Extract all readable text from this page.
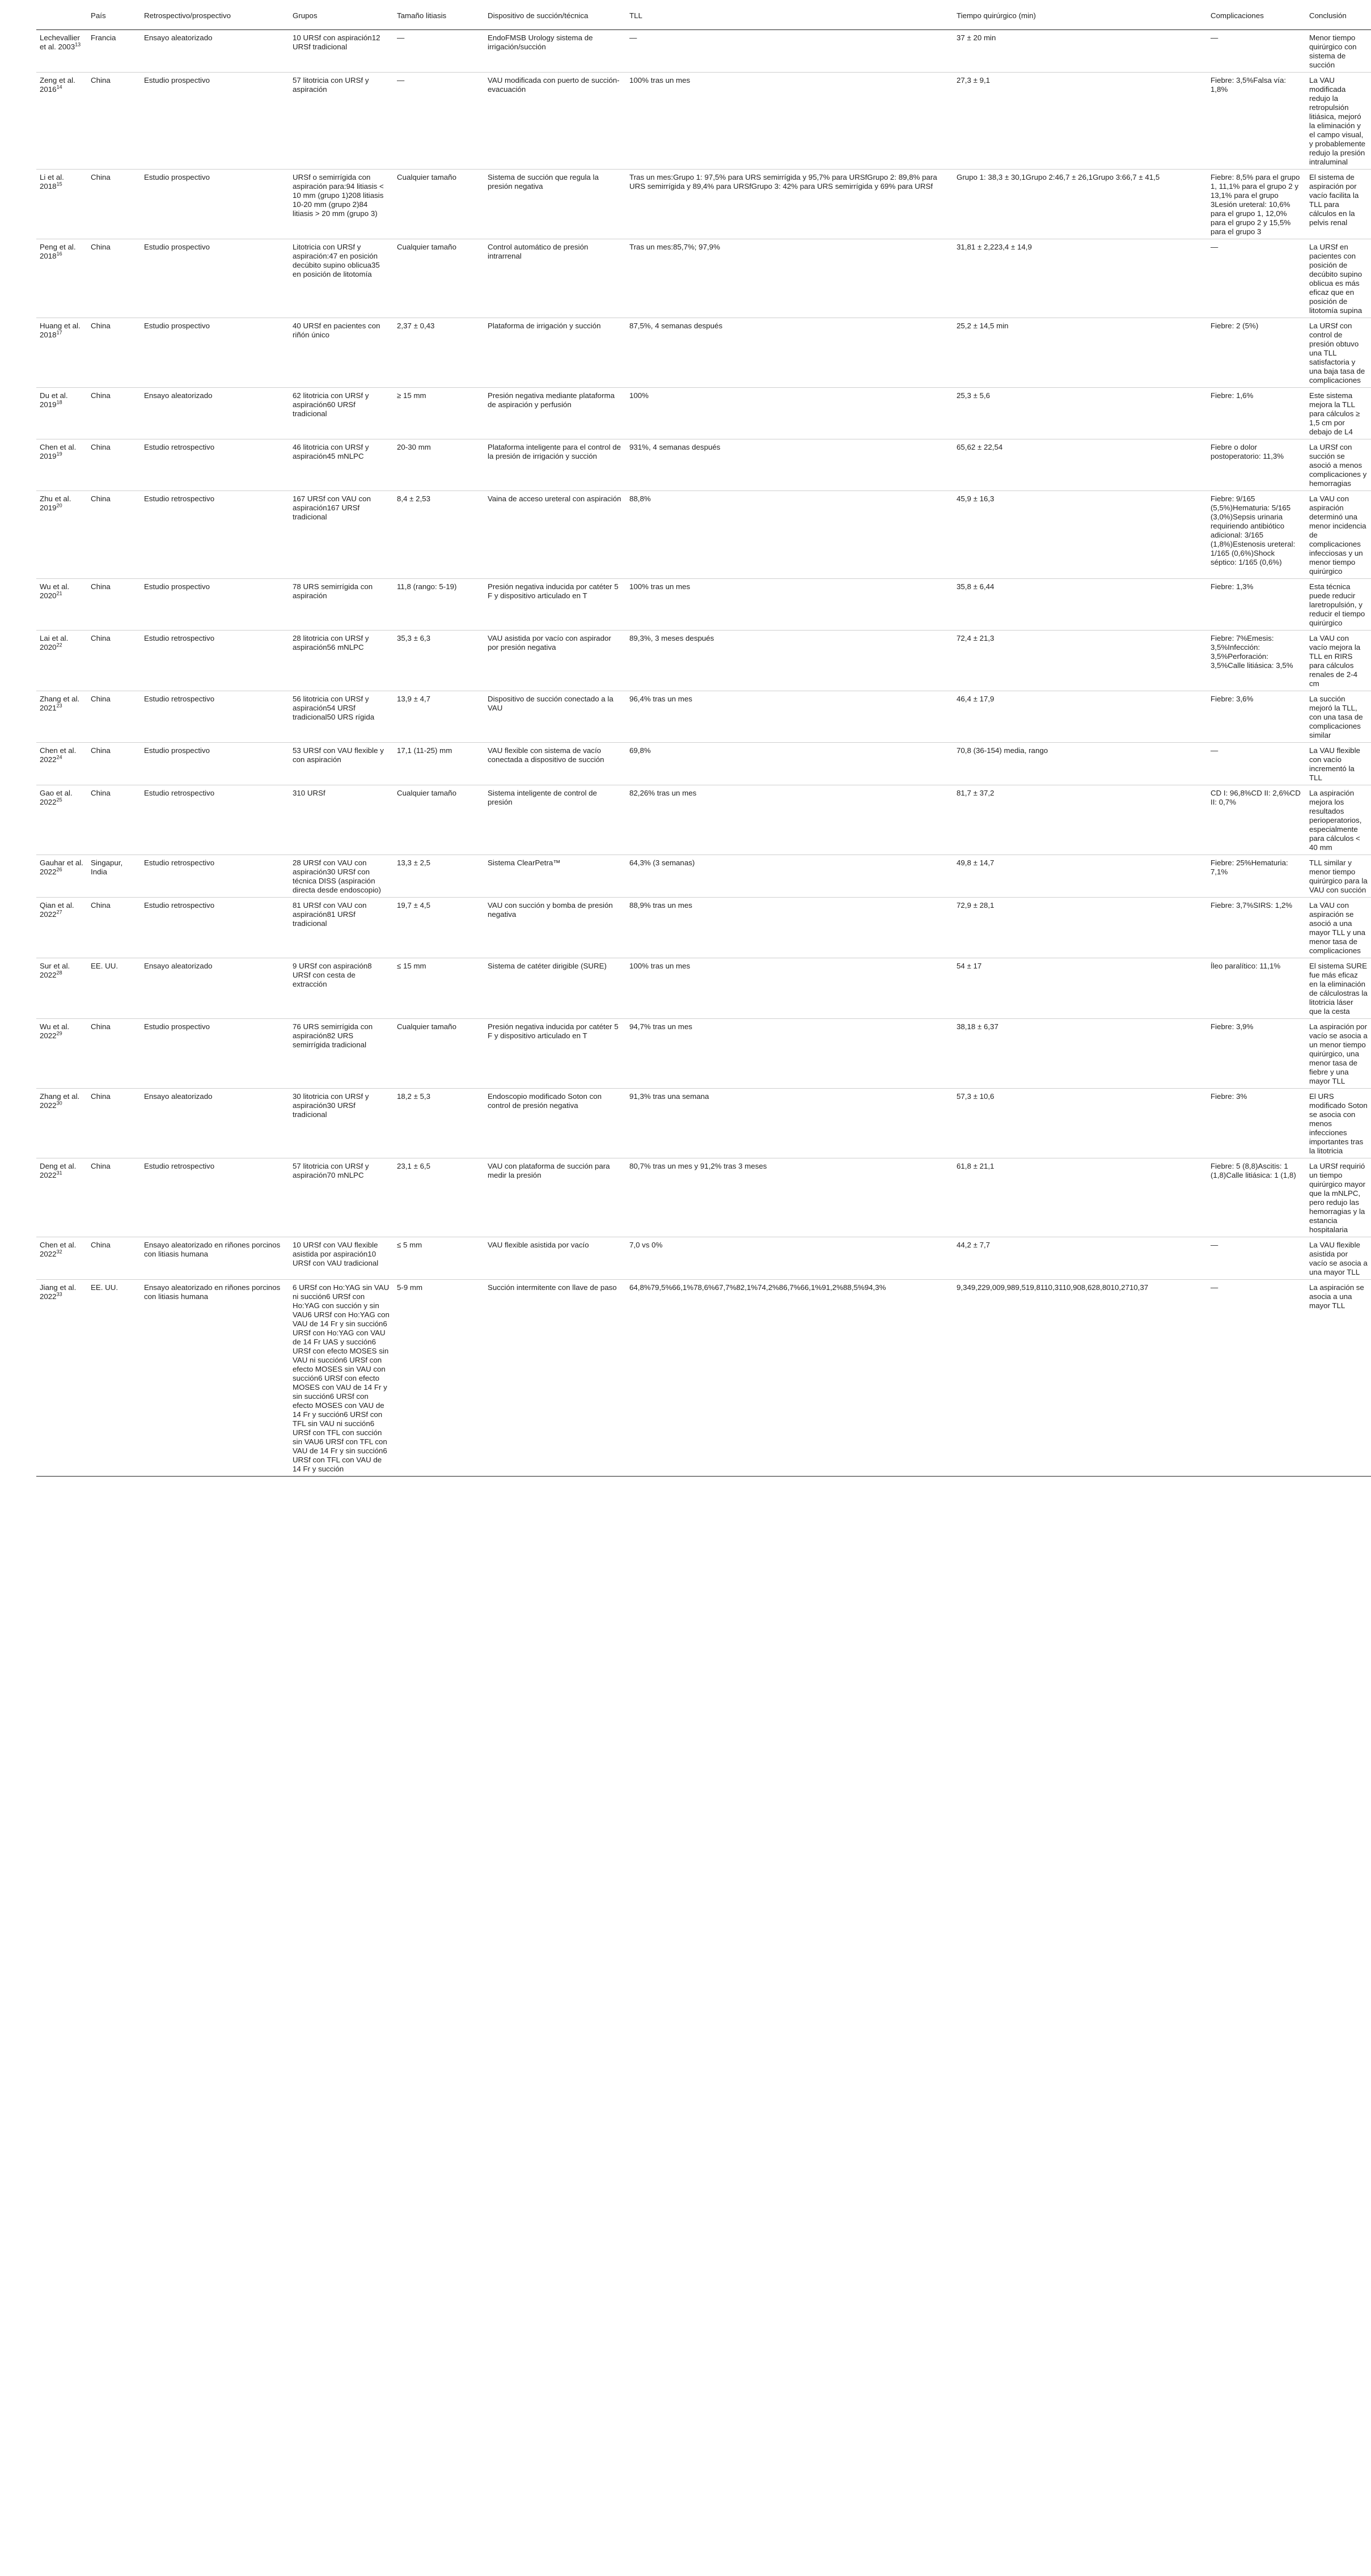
	País	Retrospectivo/prospectivo	Grupos	Tamaño litiasis	Dispositivo de succión/técnica	TLL	Tiempo quirúrgico (min)	Complicaciones	Conclusión
Lechevallier et al. 2003$^{13}$	Francia	Ensayo aleatorizado	10 URSf con aspiración12 URSf tradicional	—	EndoFMSB Urology sistema de irrigación/succión	—	37 ± 20 min	—	Menor tiempo quirúrgico con sistema de succión
Zeng et al. 2016$^{14}$	China	Estudio prospectivo	57 litotricia con URSf y aspiración	—	VAU modificada con puerto de succión-evacuación	100% tras un mes	27,3 ± 9,1	Fiebre: 3,5%Falsa vía: 1,8%	La VAU modificada redujo la retropulsión litiásica, mejoró la eliminación y el campo visual, y probablemente redujo la presión intraluminal
Li et al. 2018$^{15}$	China	Estudio prospectivo	URSf o semirrígida con aspiración para:94 litiasis < 10 mm (grupo 1)208 litiasis 10-20 mm (grupo 2)84 litiasis > 20 mm (grupo 3)	Cualquier tamaño	Sistema de succión que regula la presión negativa	Tras un mes:Grupo 1: 97,5% para URS semirrígida y 95,7% para URSfGrupo 2: 89,8% para URS semirrígida y 89,4% para URSfGrupo 3: 42% para URS semirrígida y 69% para URSf	Grupo 1: 38,3 ± 30,1Grupo 2:46,7 ± 26,1Grupo 3:66,7 ± 41,5	Fiebre: 8,5% para el grupo 1, 11,1% para el grupo 2 y 13,1% para el grupo 3Lesión ureteral: 10,6% para el grupo 1, 12,0% para el grupo 2 y 15,5% para el grupo 3	El sistema de aspiración por vacío facilita la TLL para cálculos en la pelvis renal
Peng et al. 2018$^{16}$	China	Estudio prospectivo	Litotricia con URSf y aspiración:47 en posición decúbito supino oblicua35 en posición de litotomía	Cualquier tamaño	Control automático de presión intrarrenal	Tras un mes:85,7%; 97,9%	31,81 ± 2,223,4 ± 14,9	—	La URSf en pacientes con posición de decúbito supino oblicua es más eficaz que en posición de litotomía supina
Huang et al. 2018$^{17}$	China	Estudio prospectivo	40 URSf en pacientes con riñón único	2,37 ± 0,43	Plataforma de irrigación y succión	87,5%, 4 semanas después	25,2 ± 14,5 min	Fiebre: 2 (5%)	La URSf con control de presión obtuvo una TLL satisfactoria y una baja tasa de complicaciones
Du et al. 2019$^{18}$	China	Ensayo aleatorizado	62 litotricia con URSf y aspiración60 URSf tradicional	≥ 15 mm	Presión negativa mediante plataforma de aspiración y perfusión	100%	25,3 ± 5,6	Fiebre: 1,6%	Este sistema mejora la TLL para cálculos ≥ 1,5 cm por debajo de L4
Chen et al. 2019$^{19}$	China	Estudio retrospectivo	46 litotricia con URSf y aspiración45 mNLPC	20-30 mm	Plataforma inteligente para el control de la presión de irrigación y succión	931%, 4 semanas después	65,62 ± 22,54	Fiebre o dolor postoperatorio: 11,3%	La URSf con succión se asoció a menos complicaciones y hemorragias
Zhu et al. 2019$^{20}$	China	Estudio retrospectivo	167 URSf con VAU con aspiración167 URSf tradicional	8,4 ± 2,53	Vaina de acceso ureteral con aspiración	88,8%	45,9 ± 16,3	Fiebre: 9/165 (5,5%)Hematuria: 5/165 (3,0%)Sepsis urinaria requiriendo antibiótico adicional: 3/165 (1,8%)Estenosis ureteral: 1/165 (0,6%)Shock séptico: 1/165 (0,6%)	La VAU con aspiración determinó una menor incidencia de complicaciones infecciosas y un menor tiempo quirúrgico
Wu et al. 2020$^{21}$	China	Estudio prospectivo	78 URS semirrígida con aspiración	11,8 (rango: 5-19)	Presión negativa inducida por catéter 5 F y dispositivo articulado en T	100% tras un mes	35,8 ± 6,44	Fiebre: 1,3%	Esta técnica puede reducir laretropulsión, y reducir el tiempo quirúrgico
Lai et al. 2020$^{22}$	China	Estudio retrospectivo	28 litotricia con URSf y aspiración56 mNLPC	35,3 ± 6,3	VAU asistida por vacío con aspirador por presión negativa	89,3%, 3 meses después	72,4 ± 21,3	Fiebre: 7%Emesis: 3,5%Infección: 3,5%Perforación: 3,5%Calle litiásica: 3,5%	La VAU con vacío mejora la TLL en RIRS para cálculos renales de 2-4 cm
Zhang et al. 2021$^{23}$	China	Estudio retrospectivo	56 litotricia con URSf y aspiración54 URSf tradicional50 URS rígida	13,9 ± 4,7	Dispositivo de succión conectado a la VAU	96,4% tras un mes	46,4 ± 17,9	Fiebre: 3,6%	La succión mejoró la TLL, con una tasa de complicaciones similar
Chen et al. 2022$^{24}$	China	Estudio prospectivo	53 URSf con VAU flexible y con aspiración	17,1 (11-25) mm	VAU flexible con sistema de vacío conectada a dispositivo de succión	69,8%	70,8 (36-154) media, rango	—	La VAU flexible con vacío incrementó la TLL
Gao et al. 2022$^{25}$	China	Estudio retrospectivo	310 URSf	Cualquier tamaño	Sistema inteligente de control de presión	82,26% tras un mes	81,7 ± 37,2	CD I: 96,8%CD II: 2,6%CD II: 0,7%	La aspiración mejora los resultados perioperatorios, especialmente para cálculos < 40 mm
Gauhar et al. 2022$^{26}$	Singapur, India	Estudio retrospectivo	28 URSf con VAU con aspiración30 URSf con técnica DISS (aspiración directa desde endoscopio)	13,3 ± 2,5	Sistema ClearPetra™	64,3% (3 semanas)	49,8 ± 14,7	Fiebre: 25%Hematuria: 7,1%	TLL similar y menor tiempo quirúrgico para la VAU con succión
Qian et al. 2022$^{27}$	China	Estudio retrospectivo	81 URSf con VAU con aspiración81 URSf tradicional	19,7 ± 4,5	VAU con succión y bomba de presión negativa	88,9% tras un mes	72,9 ± 28,1	Fiebre: 3,7%SIRS: 1,2%	La VAU con aspiración se asoció a una mayor TLL y una menor tasa de complicaciones
Sur et al. 2022$^{28}$	EE. UU.	Ensayo aleatorizado	9 URSf con aspiración8 URSf con cesta de extracción	≤ 15 mm	Sistema de catéter dirigible (SURE)	100% tras un mes	54 ± 17	Íleo paralítico: 11,1%	El sistema SURE fue más eficaz en la eliminación de cálculostras la litotricia láser que la cesta
Wu et al. 2022$^{29}$	China	Estudio prospectivo	76 URS semirrígida con aspiración82 URS semirrígida tradicional	Cualquier tamaño	Presión negativa inducida por catéter 5 F y dispositivo articulado en T	94,7% tras un mes	38,18 ± 6,37	Fiebre: 3,9%	La aspiración por vacío se asocia a un menor tiempo quirúrgico, una menor tasa de fiebre y una mayor TLL
Zhang et al. 2022$^{30}$	China	Ensayo aleatorizado	30 litotricia con URSf y aspiración30 URSf tradicional	18,2 ± 5,3	Endoscopio modificado Soton con control de presión negativa	91,3% tras una semana	57,3 ± 10,6	Fiebre: 3%	El URS modificado Soton se asocia con menos infecciones importantes tras la litotricia
Deng et al. 2022$^{31}$	China	Estudio retrospectivo	57 litotricia con URSf y aspiración70 mNLPC	23,1 ± 6,5	VAU con plataforma de succión para medir la presión	80,7% tras un mes y 91,2% tras 3 meses	61,8 ± 21,1	Fiebre: 5 (8,8)Ascitis: 1 (1,8)Calle litiásica: 1 (1,8)	La URSf requirió un tiempo quirúrgico mayor que la mNLPC, pero redujo las hemorragias y la estancia hospitalaria
Chen et al. 2022$^{32}$	China	Ensayo aleatorizado en riñones porcinos con litiasis humana	10 URSf con VAU flexible asistida por aspiración10 URSf con VAU tradicional	≤ 5 mm	VAU flexible asistida por vacío	7,0 vs 0%	44,2 ± 7,7	—	La VAU flexible asistida por vacío se asocia a una mayor TLL
Jiang et al. 2022$^{33}$	EE. UU.	Ensayo aleatorizado en riñones porcinos con litiasis humana	6 URSf con Ho:YAG sin VAU ni succión6 URSf con Ho:YAG con succión y sin VAU6 URSf con Ho:YAG con VAU de 14 Fr y sin succión6 URSf con Ho:YAG con VAU de 14 Fr UAS y succión6 URSf con efecto MOSES sin VAU ni succión6 URSf con efecto MOSES sin VAU con succión6 URSf con efecto MOSES con VAU de 14 Fr y sin succión6 URSf con efecto MOSES con VAU de 14 Fr y succión6 URSf con TFL sin VAU ni succión6 URSf con TFL con succión sin VAU6 URSf con TFL con VAU de 14 Fr y sin succión6 URSf con TFL con VAU de 14 Fr y succión	5-9 mm	Succión intermitente con llave de paso	64,8%79,5%66,1%78,6%67,7%82,1%74,2%86,7%66,1%91,2%88,5%94,3%	9,349,229,009,989,519,8110,3110,908,628,8010,2710,37	—	La aspiración se asocia a una mayor TLL
